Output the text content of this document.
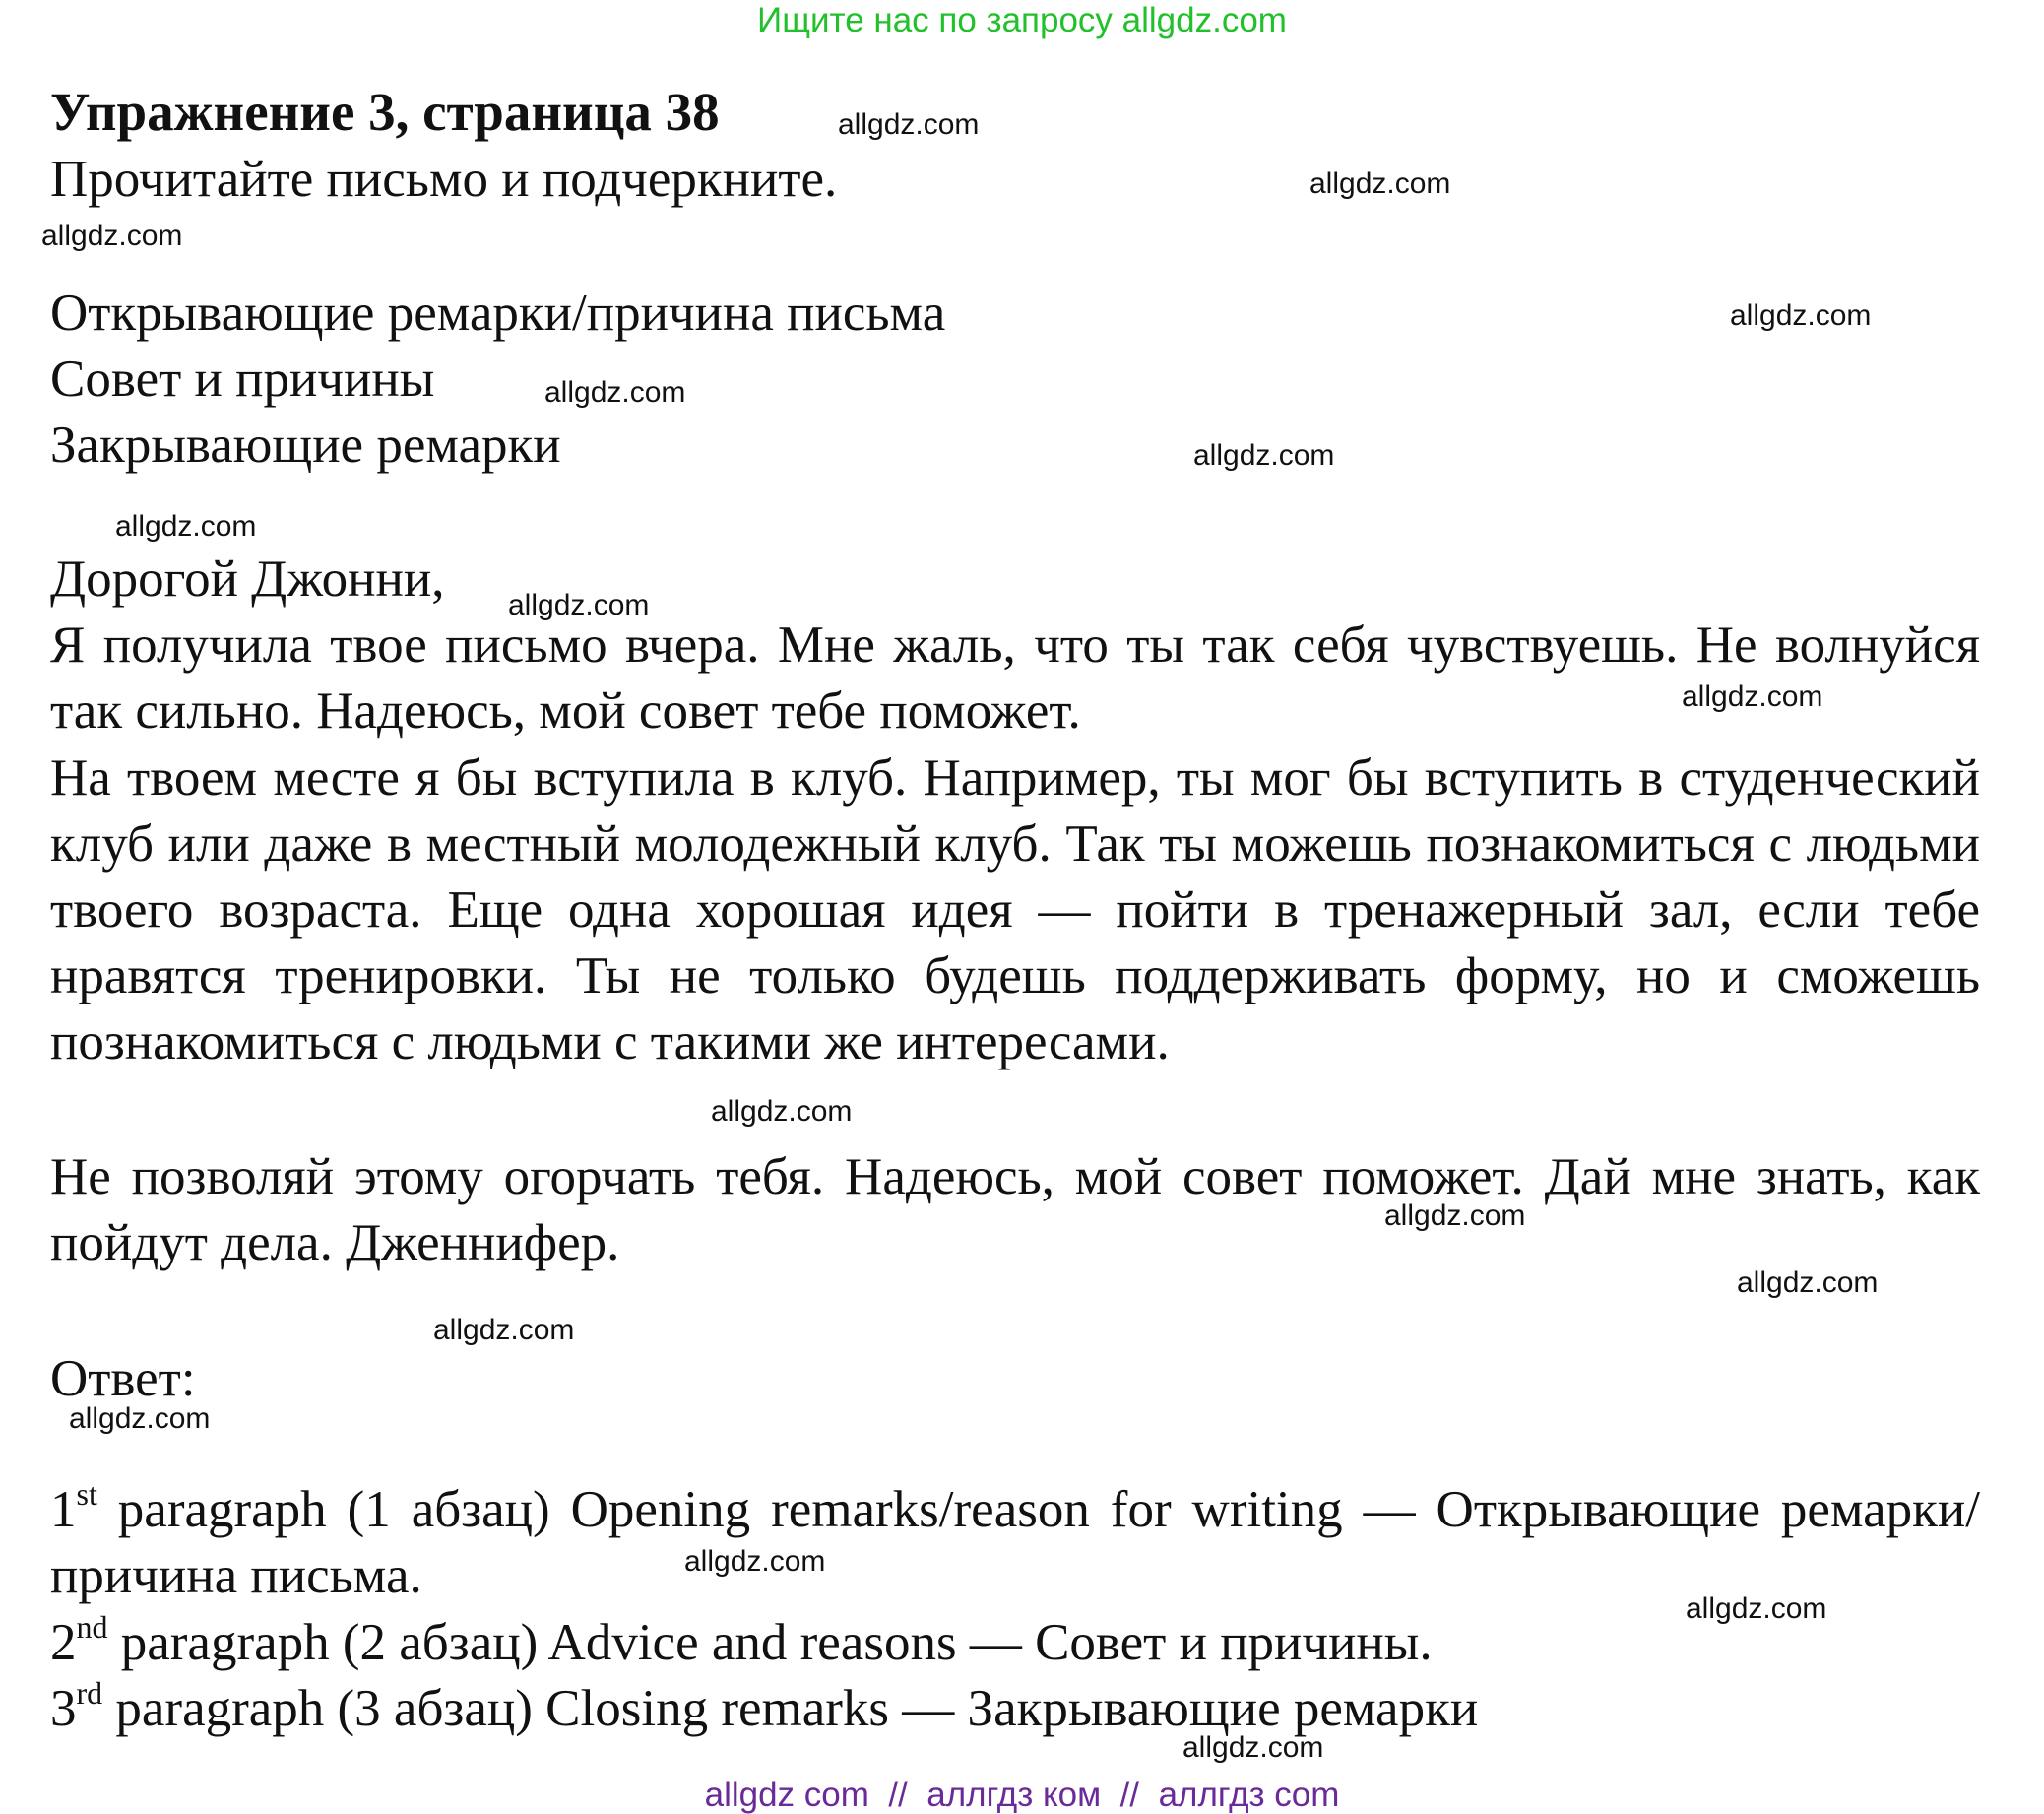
Ищите нас по запросу allgdz.com
Упражнение 3, страница 38
Прочитайте письмо и подчеркните.
Открывающие ремарки/причина письма
Совет и причины
Закрывающие ремарки
Дорогой Джонни,
Я получила твое письмо вчера. Мне жаль, что ты так себя чувствуешь. Не волнуйся так сильно. Надеюсь, мой совет тебе поможет.
На твоем месте я бы вступила в клуб. Например, ты мог бы вступить в студенческий клуб или даже в местный молодежный клуб. Так ты можешь познакомиться с людьми твоего возраста. Еще одна хорошая идея — пойти в тренажерный зал, если тебе нравятся тренировки. Ты не только будешь поддерживать форму, но и сможешь познакомиться с людьми с такими же интересами.
Не позволяй этому огорчать тебя. Надеюсь, мой совет поможет. Дай мне знать, как пойдут дела. Дженнифер.
Ответ:
1st paragraph (1 абзац) Opening remarks/reason for writing — Открывающие ремарки/причина письма.
2nd paragraph (2 абзац) Advice and reasons — Совет и причины.
3rd paragraph (3 абзац) Closing remarks — Закрывающие ремарки
allgdz.com
allgdz.com
allgdz.com
allgdz.com
allgdz.com
allgdz.com
allgdz.com
allgdz.com
allgdz.com
allgdz.com
allgdz.com
allgdz.com
allgdz.com
allgdz.com
allgdz.com
allgdz.com
allgdz.com
allgdz com // аллгдз ком // аллгдз com
